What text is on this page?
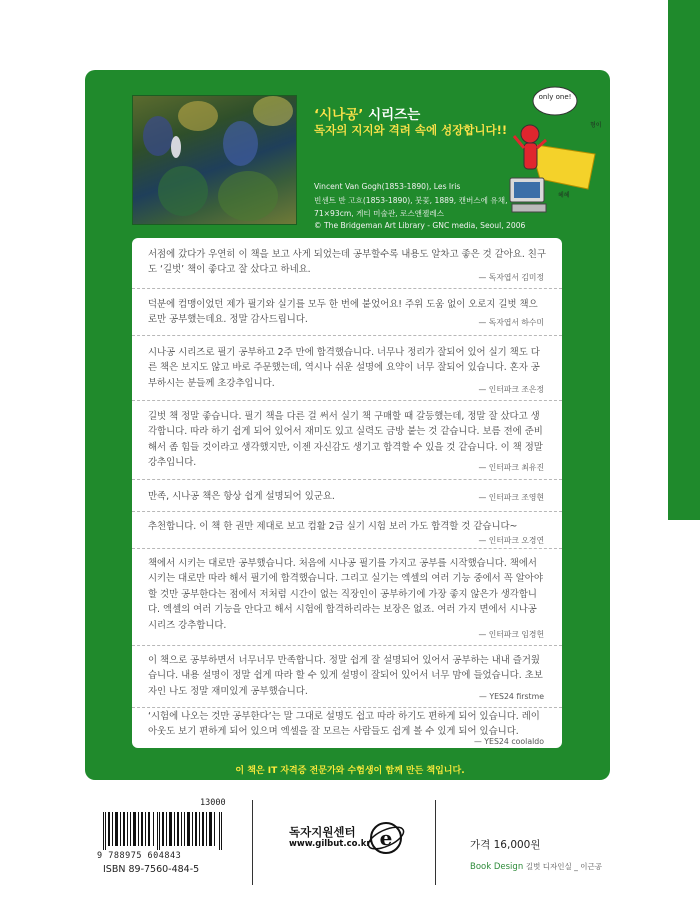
‘시나공’ 시리즈는
독자의 지지와 격려 속에 성장합니다!!
Vincent Van Gogh(1853-1890), Les Iris
빈센트 반 고흐(1853-1890), 붓꽃, 1889, 캔버스에 유채,
71×93cm, 게티 미술관, 로스앤젤레스
© The Bridgeman Art Library - GNC media, Seoul, 2006
only one!
형이
헤헤
서점에 갔다가 우연히 이 책을 보고 사게 되었는데 공부할수록 내용도 알차고 좋은 것 같아요. 친구도 ‘길벗’ 책이 좋다고 잘 샀다고 하네요.
— 독자엽서 김미정
덕분에 컴맹이었던 제가 필기와 실기를 모두 한 번에 붙었어요! 주위 도움 없이 오로지 길벗 책으로만 공부했는데요. 정말 감사드립니다.	— 독자엽서 하수미
시나공 시리즈로 필기 공부하고 2주 만에 합격했습니다. 너무나 정리가 잘되어 있어 실기 책도 다른 책은 보지도 않고 바로 주문했는데, 역시나 쉬운 설명에 요약이 너무 잘되어 있습니다. 혼자 공부하시는 분들께 초강추입니다.
— 인터파크 조은정
길벗 책 정말 좋습니다. 필기 책을 다른 걸 써서 실기 책 구매할 때 갈등했는데, 정말 잘 샀다고 생각합니다. 따라 하기 쉽게 되어 있어서 재미도 있고 실력도 금방 붙는 것 같습니다. 보름 전에 준비해서 좀 힘들 것이라고 생각했지만, 이젠 자신감도 생기고 합격할 수 있을 것 같습니다. 이 책 정말 강추입니다.	— 인터파크 최유진
만족, 시나공 책은 항상 쉽게 설명되어 있군요.	— 인터파크 조영현
추천합니다. 이 책 한 권만 제대로 보고 컴활 2급 실기 시험 보러 가도 합격할 것 같습니다~
— 인터파크 오경연
책에서 시키는 대로만 공부했습니다. 처음에 시나공 필기를 가지고 공부를 시작했습니다. 책에서 시키는 대로만 따라 해서 필기에 합격했습니다. 그리고 실기는 엑셀의 여러 기능 중에서 꼭 알아야 할 것만 공부한다는 점에서 저처럼 시간이 없는 직장인이 공부하기에 가장 좋지 않은가 생각합니다. 엑셀의 여러 기능을 안다고 해서 시험에 합격하리라는 보장은 없죠. 여러 가지 면에서 시나공 시리즈 강추합니다.
— 인터파크 임경헌
이 책으로 공부하면서 너무너무 만족합니다. 정말 쉽게 잘 설명되어 있어서 공부하는 내내 즐거웠습니다. 내용 설명이 정말 쉽게 따라 할 수 있게 설명이 잘되어 있어서 너무 맘에 들었습니다. 초보자인 나도 정말 재미있게 공부했습니다.	— YES24 firstme
‘시험에 나오는 것만 공부한다’는 말 그대로 설명도 쉽고 따라 하기도 편하게 되어 있습니다. 레이아웃도 보기 편하게 되어 있으며 엑셀을 잘 모르는 사람들도 쉽게 볼 수 있게 되어 있습니다.
— YES24 coolaldo
이 책은 IT 자격증 전문가와 수험생이 함께 만든 책입니다.
13000
9 788975 604843
ISBN 89-7560-484-5
독자지원센터
www.gilbut.co.kr e	가격 16,000원
Book Design 길벗 디자인실 _ 이근공
